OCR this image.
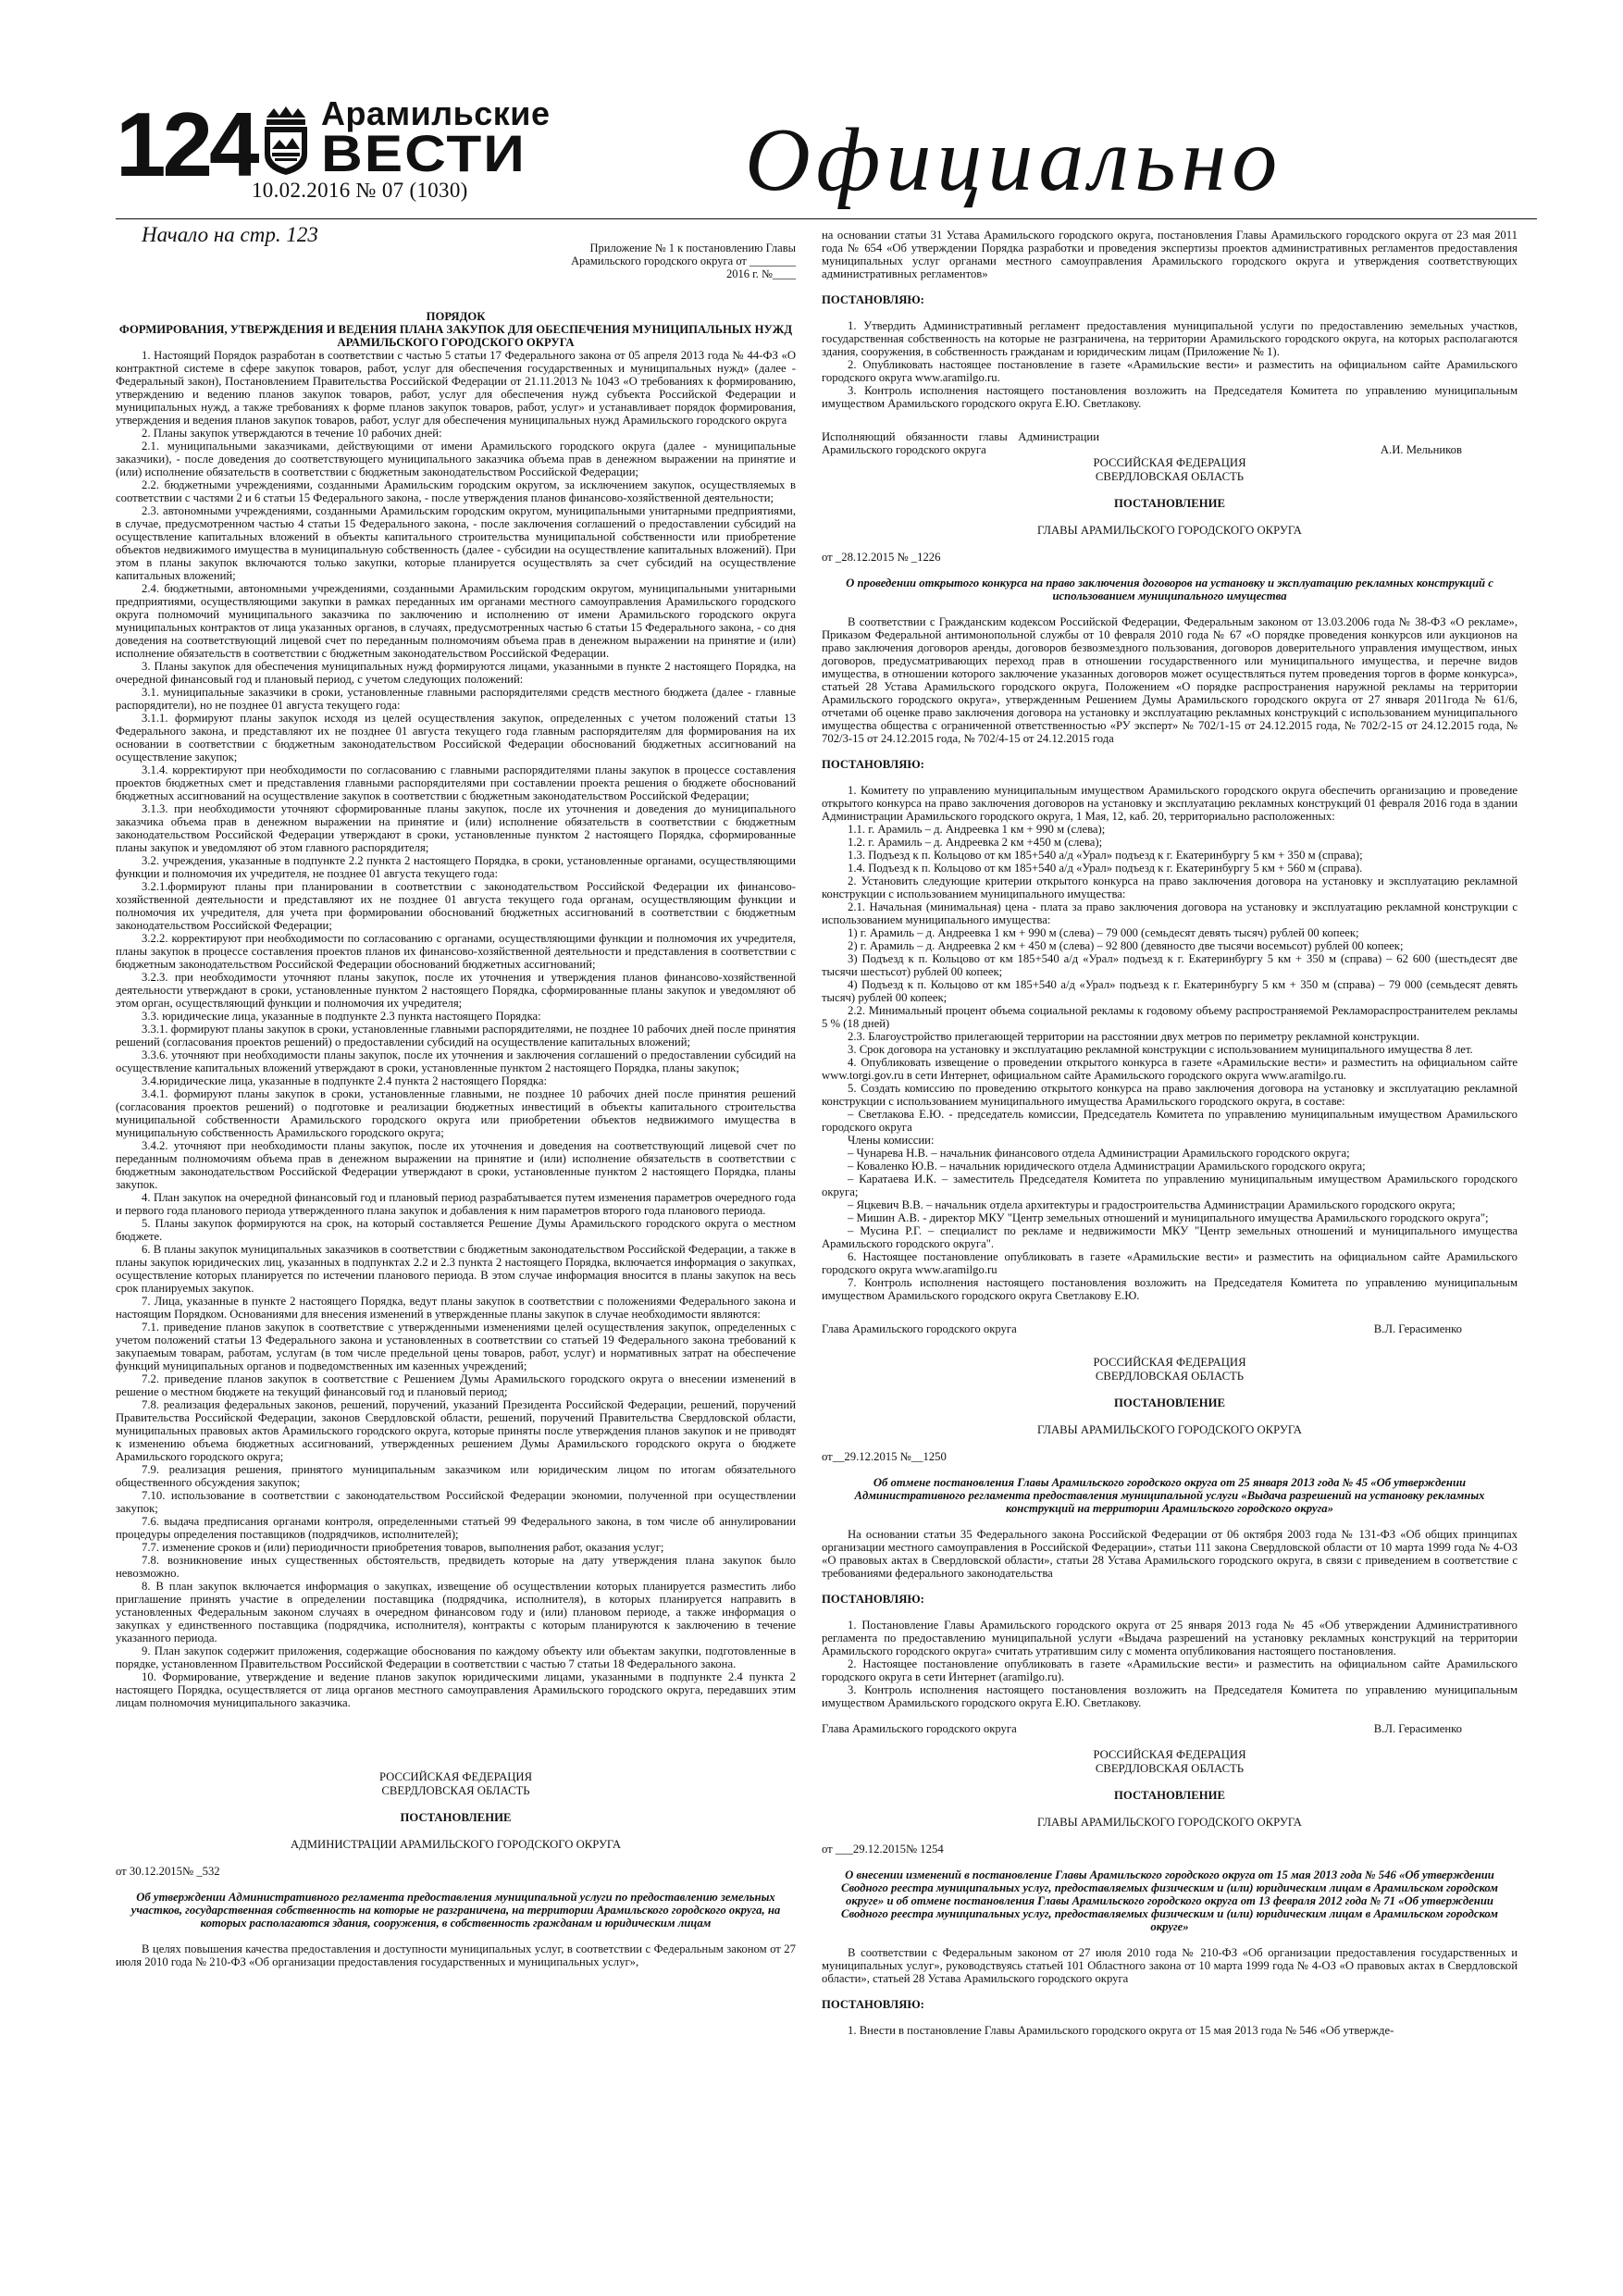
124 Арамильские
ВЕСТИ
10.02.2016 № 07 (1030)	Официально

Начало на стр. 123

Приложение № 1 к постановлению Главы Арамильского городского округа от ________ 2016 г. №____

ПОРЯДОК

ФОРМИРОВАНИЯ, УТВЕРЖДЕНИЯ И ВЕДЕНИЯ ПЛАНА ЗАКУПОК ДЛЯ ОБЕСПЕЧЕНИЯ МУНИЦИПАЛЬНЫХ НУЖД АРАМИЛЬСКОГО ГОРОДСКОГО ОКРУГА

1. Настоящий Порядок разработан в соответствии с частью 5 статьи 17 Федерального закона от 05 апреля 2013 года № 44-ФЗ «О контрактной системе в сфере закупок товаров, работ, услуг для обеспечения государственных и муниципальных нужд» (далее - Федеральный закон), Постановлением Правительства Российской Федерации от 21.11.2013 № 1043 «О требованиях к формированию, утверждению и ведению планов закупок товаров, работ, услуг для обеспечения нужд субъекта Российской Федерации и муниципальных нужд, а также требованиях к форме планов закупок товаров, работ, услуг» и устанавливает порядок формирования, утверждения и ведения планов закупок товаров, работ, услуг для обеспечения муниципальных нужд Арамильского городского округа

2. Планы закупок утверждаются в течение 10 рабочих дней:

2.1. муниципальными заказчиками, действующими от имени Арамильского городского округа (далее - муниципальные заказчики), - после доведения до соответствующего муниципального заказчика объема прав в денежном выражении на принятие и (или) исполнение обязательств в соответствии с бюджетным законодательством Российской Федерации;

2.2. бюджетными учреждениями, созданными Арамильским городским округом, за исключением закупок, осуществляемых в соответствии с частями 2 и 6 статьи 15 Федерального закона, - после утверждения планов финансово-хозяйственной деятельности;

2.3. автономными учреждениями, созданными Арамильским городским округом, муниципальными унитарными предприятиями, в случае, предусмотренном частью 4 статьи 15 Федерального закона, - после заключения соглашений о предоставлении субсидий на осуществление капитальных вложений в объекты капитального строительства муниципальной собственности или приобретение объектов недвижимого имущества в муниципальную собственность (далее - субсидии на осуществление капитальных вложений). При этом в планы закупок включаются только закупки, которые планируется осуществлять за счет субсидий на осуществление капитальных вложений;

2.4. бюджетными, автономными учреждениями, созданными Арамильским городским округом, муниципальными унитарными предприятиями, осуществляющими закупки в рамках переданных им органами местного самоуправления Арамильского городского округа полномочий муниципального заказчика по заключению и исполнению от имени Арамильского городского округа муниципальных контрактов от лица указанных органов, в случаях, предусмотренных частью 6 статьи 15 Федерального закона, - со дня доведения на соответствующий лицевой счет по переданным полномочиям объема прав в денежном выражении на принятие и (или) исполнение обязательств в соответствии с бюджетным законодательством Российской Федерации.

3. Планы закупок для обеспечения муниципальных нужд формируются лицами, указанными в пункте 2 настоящего Порядка, на очередной финансовый год и плановый период, с учетом следующих положений:

3.1. муниципальные заказчики в сроки, установленные главными распорядителями средств местного бюджета (далее - главные распорядители), но не позднее 01 августа текущего года:

3.1.1. формируют планы закупок исходя из целей осуществления закупок, определенных с учетом положений статьи 13 Федерального закона, и представляют их не позднее 01 августа текущего года главным распорядителям для формирования на их основании в соответствии с бюджетным законодательством Российской Федерации обоснований бюджетных ассигнований на осуществление закупок;

3.1.4. корректируют при необходимости по согласованию с главными распорядителями планы закупок в процессе составления проектов бюджетных смет и представления главными распорядителями при составлении проекта решения о бюджете обоснований бюджетных ассигнований на осуществление закупок в соответствии с бюджетным законодательством Российской Федерации;

3.1.3. при необходимости уточняют сформированные планы закупок, после их уточнения и доведения до муниципального заказчика объема прав в денежном выражении на принятие и (или) исполнение обязательств в соответствии с бюджетным законодательством Российской Федерации утверждают в сроки, установленные пунктом 2 настоящего Порядка, сформированные планы закупок и уведомляют об этом главного распорядителя;

3.2. учреждения, указанные в подпункте 2.2 пункта 2 настоящего Порядка, в сроки, установленные органами, осуществляющими функции и полномочия их учредителя, не позднее 01 августа текущего года:

3.2.1.формируют планы при планировании в соответствии с законодательством Российской Федерации их финансово-хозяйственной деятельности и представляют их не позднее 01 августа текущего года органам, осуществляющим функции и полномочия их учредителя, для учета при формировании обоснований бюджетных ассигнований в соответствии с бюджетным законодательством Российской Федерации;

3.2.2. корректируют при необходимости по согласованию с органами, осуществляющими функции и полномочия их учредителя, планы закупок в процессе составления проектов планов их финансово-хозяйственной деятельности и представления в соответствии с бюджетным законодательством Российской Федерации обоснований бюджетных ассигнований;

3.2.3. при необходимости уточняют планы закупок, после их уточнения и утверждения планов финансово-хозяйственной деятельности утверждают в сроки, установленные пунктом 2 настоящего Порядка, сформированные планы закупок и уведомляют об этом орган, осуществляющий функции и полномочия их учредителя;

3.3. юридические лица, указанные в подпункте 2.3 пункта настоящего Порядка:

3.3.1. формируют планы закупок в сроки, установленные главными распорядителями, не позднее 10 рабочих дней после принятия решений (согласования проектов решений) о предоставлении субсидий на осуществление капитальных вложений;

3.3.6. уточняют при необходимости планы закупок, после их уточнения и заключения соглашений о предоставлении субсидий на осуществление капитальных вложений утверждают в сроки, установленные пунктом 2 настоящего Порядка, планы закупок;

3.4.юридические лица, указанные в подпункте 2.4 пункта 2 настоящего Порядка:

3.4.1. формируют планы закупок в сроки, установленные главными, не позднее 10 рабочих дней после принятия решений (согласования проектов решений) о подготовке и реализации бюджетных инвестиций в объекты капитального строительства муниципальной собственности Арамильского городского округа или приобретении объектов недвижимого имущества в муниципальную собственность Арамильского городского округа;

3.4.2. уточняют при необходимости планы закупок, после их уточнения и доведения на соответствующий лицевой счет по переданным полномочиям объема прав в денежном выражении на принятие и (или) исполнение обязательств в соответствии с бюджетным законодательством Российской Федерации утверждают в сроки, установленные пунктом 2 настоящего Порядка, планы закупок.

4. План закупок на очередной финансовый год и плановый период разрабатывается путем изменения параметров очередного года и первого года планового периода утвержденного плана закупок и добавления к ним параметров второго года планового периода.

5. Планы закупок формируются на срок, на который составляется Решение Думы Арамильского городского округа о местном бюджете.

6. В планы закупок муниципальных заказчиков в соответствии с бюджетным законодательством Российской Федерации, а также в планы закупок юридических лиц, указанных в подпунктах 2.2 и 2.3 пункта 2 настоящего Порядка, включается информация о закупках, осуществление которых планируется по истечении планового периода. В этом случае информация вносится в планы закупок на весь срок планируемых закупок.

7. Лица, указанные в пункте 2 настоящего Порядка, ведут планы закупок в соответствии с положениями Федерального закона и настоящим Порядком. Основаниями для внесения изменений в утвержденные планы закупок в случае необходимости являются:

7.1. приведение планов закупок в соответствие с утвержденными изменениями целей осуществления закупок, определенных с учетом положений статьи 13 Федерального закона и установленных в соответствии со статьей 19 Федерального закона требований к закупаемым товарам, работам, услугам (в том числе предельной цены товаров, работ, услуг) и нормативных затрат на обеспечение функций муниципальных органов и подведомственных им казенных учреждений;

7.2. приведение планов закупок в соответствие с Решением Думы Арамильского городского округа о внесении изменений в решение о местном бюджете на текущий финансовый год и плановый период;

7.8. реализация федеральных законов, решений, поручений, указаний Президента Российской Федерации, решений, поручений Правительства Российской Федерации, законов Свердловской области, решений, поручений Правительства Свердловской области, муниципальных правовых актов Арамильского городского округа, которые приняты после утверждения планов закупок и не приводят к изменению объема бюджетных ассигнований, утвержденных решением Думы Арамильского городского округа о бюджете Арамильского городского округа;

7.9. реализация решения, принятого муниципальным заказчиком или юридическим лицом по итогам обязательного общественного обсуждения закупок;

7.10. использование в соответствии с законодательством Российской Федерации экономии, полученной при осуществлении закупок;

7.6. выдача предписания органами контроля, определенными статьей 99 Федерального закона, в том числе об аннулировании процедуры определения поставщиков (подрядчиков, исполнителей);

7.7. изменение сроков и (или) периодичности приобретения товаров, выполнения работ, оказания услуг;

7.8. возникновение иных существенных обстоятельств, предвидеть которые на дату утверждения плана закупок было невозможно.

8. В план закупок включается информация о закупках, извещение об осуществлении которых планируется разместить либо приглашение принять участие в определении поставщика (подрядчика, исполнителя), в которых планируется направить в установленных Федеральным законом случаях в очередном финансовом году и (или) плановом периоде, а также информация о закупках у единственного поставщика (подрядчика, исполнителя), контракты с которым планируются к заключению в течение указанного периода.

9. План закупок содержит приложения, содержащие обоснования по каждому объекту или объектам закупки, подготовленные в порядке, установленном Правительством Российской Федерации в соответствии с частью 7 статьи 18 Федерального закона.

10. Формирование, утверждение и ведение планов закупок юридическими лицами, указанными в подпункте 2.4 пункта 2 настоящего Порядка, осуществляется от лица органов местного самоуправления Арамильского городского округа, передавших этим лицам полномочия муниципального заказчика.

РОССИЙСКАЯ ФЕДЕРАЦИЯ
СВЕРДЛОВСКАЯ ОБЛАСТЬ
ПОСТАНОВЛЕНИЕ
АДМИНИСТРАЦИИ АРАМИЛЬСКОГО ГОРОДСКОГО ОКРУГА

от 30.12.2015№ _532

Об утверждении Административного регламента предоставления муниципальной услуги по предоставлению земельных участков, государственная собственность на которые не разграничена, на территории Арамильского городского округа, на которых располагаются здания, сооружения, в собственность гражданам и юридическим лицам

В целях повышения качества предоставления и доступности муниципальных услуг, в соответствии с Федеральным законом от 27 июля 2010 года № 210-ФЗ «Об организации предоставления государственных и муниципальных услуг»,

на основании статьи 31 Устава Арамильского городского округа, постановления Главы Арамильского городского округа от 23 мая 2011 года № 654 «Об утверждении Порядка разработки и проведения экспертизы проектов административных регламентов предоставления муниципальных услуг органами местного самоуправления Арамильского городского округа и утверждения соответствующих административных регламентов»

ПОСТАНОВЛЯЮ:

1. Утвердить Административный регламент предоставления муниципальной услуги по предоставлению земельных участков, государственная собственность на которые не разграничена, на территории Арамильского городского округа, на которых располагаются здания, сооружения, в собственность гражданам и юридическим лицам (Приложение № 1).

2. Опубликовать настоящее постановление в газете «Арамильские вести» и разместить на официальном сайте Арамильского городского округа www.aramilgo.ru.

3. Контроль исполнения настоящего постановления возложить на Председателя Комитета по управлению муниципальным имуществом Арамильского городского округа Е.Ю. Светлакову.

Исполняющий обязанности главы Администрации Арамильского городского округа	А.И. Мельников
РОССИЙСКАЯ ФЕДЕРАЦИЯ
СВЕРДЛОВСКАЯ ОБЛАСТЬ
ПОСТАНОВЛЕНИЕ
ГЛАВЫ АРАМИЛЬСКОГО ГОРОДСКОГО ОКРУГА

от _28.12.2015 № _1226

О проведении открытого конкурса на право заключения договоров на установку и эксплуатацию рекламных конструкций с использованием муниципального имущества

В соответствии с Гражданским кодексом Российской Федерации, Федеральным законом от 13.03.2006 года № 38-ФЗ «О рекламе», Приказом Федеральной антимонопольной службы от 10 февраля 2010 года № 67 «О порядке проведения конкурсов или аукционов на право заключения договоров аренды, договоров безвозмездного пользования, договоров доверительного управления имуществом, иных договоров, предусматривающих переход прав в отношении государственного или муниципального имущества, и перечне видов имущества, в отношении которого заключение указанных договоров может осуществляться путем проведения торгов в форме конкурса», статьей 28 Устава Арамильского городского округа, Положением «О порядке распространения наружной рекламы на территории Арамильского городского округа», утвержденным Решением Думы Арамильского городского округа от 27 января 2011года № 61/6, отчетами об оценке право заключения договора на установку и эксплуатацию рекламных конструкций с использованием муниципального имущества общества с ограниченной ответственностью «РУ эксперт» № 702/1-15 от 24.12.2015 года, № 702/2-15 от 24.12.2015 года, № 702/3-15 от 24.12.2015 года, № 702/4-15 от 24.12.2015 года

ПОСТАНОВЛЯЮ:

1. Комитету по управлению муниципальным имуществом Арамильского городского округа обеспечить организацию и проведение открытого конкурса на право заключения договоров на установку и эксплуатацию рекламных конструкций 01 февраля 2016 года в здании Администрации Арамильского городского округа, 1 Мая, 12, каб. 20, территориально расположенных:

1.1. г. Арамиль – д. Андреевка 1 км + 990 м (слева);

1.2. г. Арамиль – д. Андреевка 2 км +450 м (слева);

1.3. Подъезд к п. Кольцово от км 185+540 а/д «Урал» подъезд к г. Екатеринбургу 5 км + 350 м (справа);

1.4. Подъезд к п. Кольцово от км 185+540 а/д «Урал» подъезд к г. Екатеринбургу 5 км + 560 м (справа).

2. Установить следующие критерии открытого конкурса на право заключения договора на установку и эксплуатацию рекламной конструкции с использованием муниципального имущества:

2.1. Начальная (минимальная) цена - плата за право заключения договора на установку и эксплуатацию рекламной конструкции с использованием муниципального имущества:

1) г. Арамиль – д. Андреевка 1 км + 990 м (слева) – 79 000 (семьдесят девять тысяч) рублей 00 копеек;

2) г. Арамиль – д. Андреевка 2 км + 450 м (слева) – 92 800 (девяносто две тысячи восемьсот) рублей 00 копеек;

3) Подъезд к п. Кольцово от км 185+540 а/д «Урал» подъезд к г. Екатеринбургу 5 км + 350 м (справа) – 62 600 (шестьдесят две тысячи шестьсот) рублей 00 копеек;

4) Подъезд к п. Кольцово от км 185+540 а/д «Урал» подъезд к г. Екатеринбургу 5 км + 350 м (справа) – 79 000 (семьдесят девять тысяч) рублей 00 копеек;

2.2. Минимальный процент объема социальной рекламы к годовому объему распространяемой Рекламораспространителем рекламы 5 % (18 дней)

2.3. Благоустройство прилегающей территории на расстоянии двух метров по периметру рекламной конструкции.

3. Срок договора на установку и эксплуатацию рекламной конструкции с использованием муниципального имущества 8 лет.

4. Опубликовать извещение о проведении открытого конкурса в газете «Арамильские вести» и разместить на официальном сайте www.torgi.gov.ru в сети Интернет, официальном сайте Арамильского городского округа www.aramilgo.ru.

5. Создать комиссию по проведению открытого конкурса на право заключения договора на установку и эксплуатацию рекламной конструкции с использованием муниципального имущества Арамильского городского округа, в составе:

– Светлакова Е.Ю. - председатель комиссии, Председатель Комитета по управлению муниципальным имуществом Арамильского городского округа

Члены комиссии:

– Чунарева Н.В. – начальник финансового отдела Администрации Арамильского городского округа;

– Коваленко Ю.В. – начальник юридического отдела Администрации Арамильского городского округа;

– Каратаева И.К. – заместитель Председателя Комитета по управлению муниципальным имуществом Арамильского городского округа;

– Яцкевич В.В. – начальник отдела архитектуры и градостроительства Администрации Арамильского городского округа;

– Мишин А.В. - директор МКУ "Центр земельных отношений и муниципального имущества Арамильского городского округа";

– Мусина Р.Г. – специалист по рекламе и недвижимости МКУ "Центр земельных отношений и муниципального имущества Арамильского городского округа".

6. Настоящее постановление опубликовать в газете «Арамильские вести» и разместить на официальном сайте Арамильского городского округа www.aramilgo.ru

7. Контроль исполнения настоящего постановления возложить на Председателя Комитета по управлению муниципальным имуществом Арамильского городского округа Светлакову Е.Ю.

Глава Арамильского городского округа	В.Л. Герасименко
РОССИЙСКАЯ ФЕДЕРАЦИЯ
СВЕРДЛОВСКАЯ ОБЛАСТЬ
ПОСТАНОВЛЕНИЕ
ГЛАВЫ АРАМИЛЬСКОГО ГОРОДСКОГО ОКРУГА

от__29.12.2015 №__1250

Об отмене постановления Главы Арамильского городского округа от 25 января 2013 года № 45 «Об утверждении Административного регламента предоставления муниципальной услуги «Выдача разрешений на установку рекламных конструкций на территории Арамильского городского округа»

На основании статьи 35 Федерального закона Российской Федерации от 06 октября 2003 года № 131-ФЗ «Об общих принципах организации местного самоуправления в Российской Федерации», статьи 111 закона Свердловской области от 10 марта 1999 года № 4-ОЗ «О правовых актах в Свердловской области», статьи 28 Устава Арамильского городского округа, в связи с приведением в соответствие с требованиями федерального законодательства

ПОСТАНОВЛЯЮ:

1. Постановление Главы Арамильского городского округа от 25 января 2013 года № 45 «Об утверждении Административного регламента по предоставлению муниципальной услуги «Выдача разрешений на установку рекламных конструкций на территории Арамильского городского округа» считать утратившим силу с момента опубликования настоящего постановления.

2. Настоящее постановление опубликовать в газете «Арамильские вести» и разместить на официальном сайте Арамильского городского округа в сети Интернет (aramilgo.ru).

3. Контроль исполнения настоящего постановления возложить на Председателя Комитета по управлению муниципальным имуществом Арамильского городского округа Е.Ю. Светлакову.

Глава Арамильского городского округа	В.Л. Герасименко
РОССИЙСКАЯ ФЕДЕРАЦИЯ
СВЕРДЛОВСКАЯ ОБЛАСТЬ
ПОСТАНОВЛЕНИЕ
ГЛАВЫ АРАМИЛЬСКОГО ГОРОДСКОГО ОКРУГА

от ___29.12.2015№ 1254

О внесении изменений в постановление Главы Арамильского городского округа от 15 мая 2013 года № 546 «Об утверждении Сводного реестра муниципальных услуг, предоставляемых физическим и (или) юридическим лицам в Арамильском городском округе» и об отмене постановления Главы Арамильского городского округа от 13 февраля 2012 года № 71 «Об утверждении Сводного реестра муниципальных услуг, предоставляемых физическим и (или) юридическим лицам в Арамильском городском округе»

В соответствии с Федеральным законом от 27 июля 2010 года № 210-ФЗ «Об организации предоставления государственных и муниципальных услуг», руководствуясь статьей 101 Областного закона от 10 марта 1999 года № 4-ОЗ «О правовых актах в Свердловской области», статьей 28 Устава Арамильского городского округа

ПОСТАНОВЛЯЮ:

1. Внести в постановление Главы Арамильского городского округа от 15 мая 2013 года № 546 «Об утвержде-
